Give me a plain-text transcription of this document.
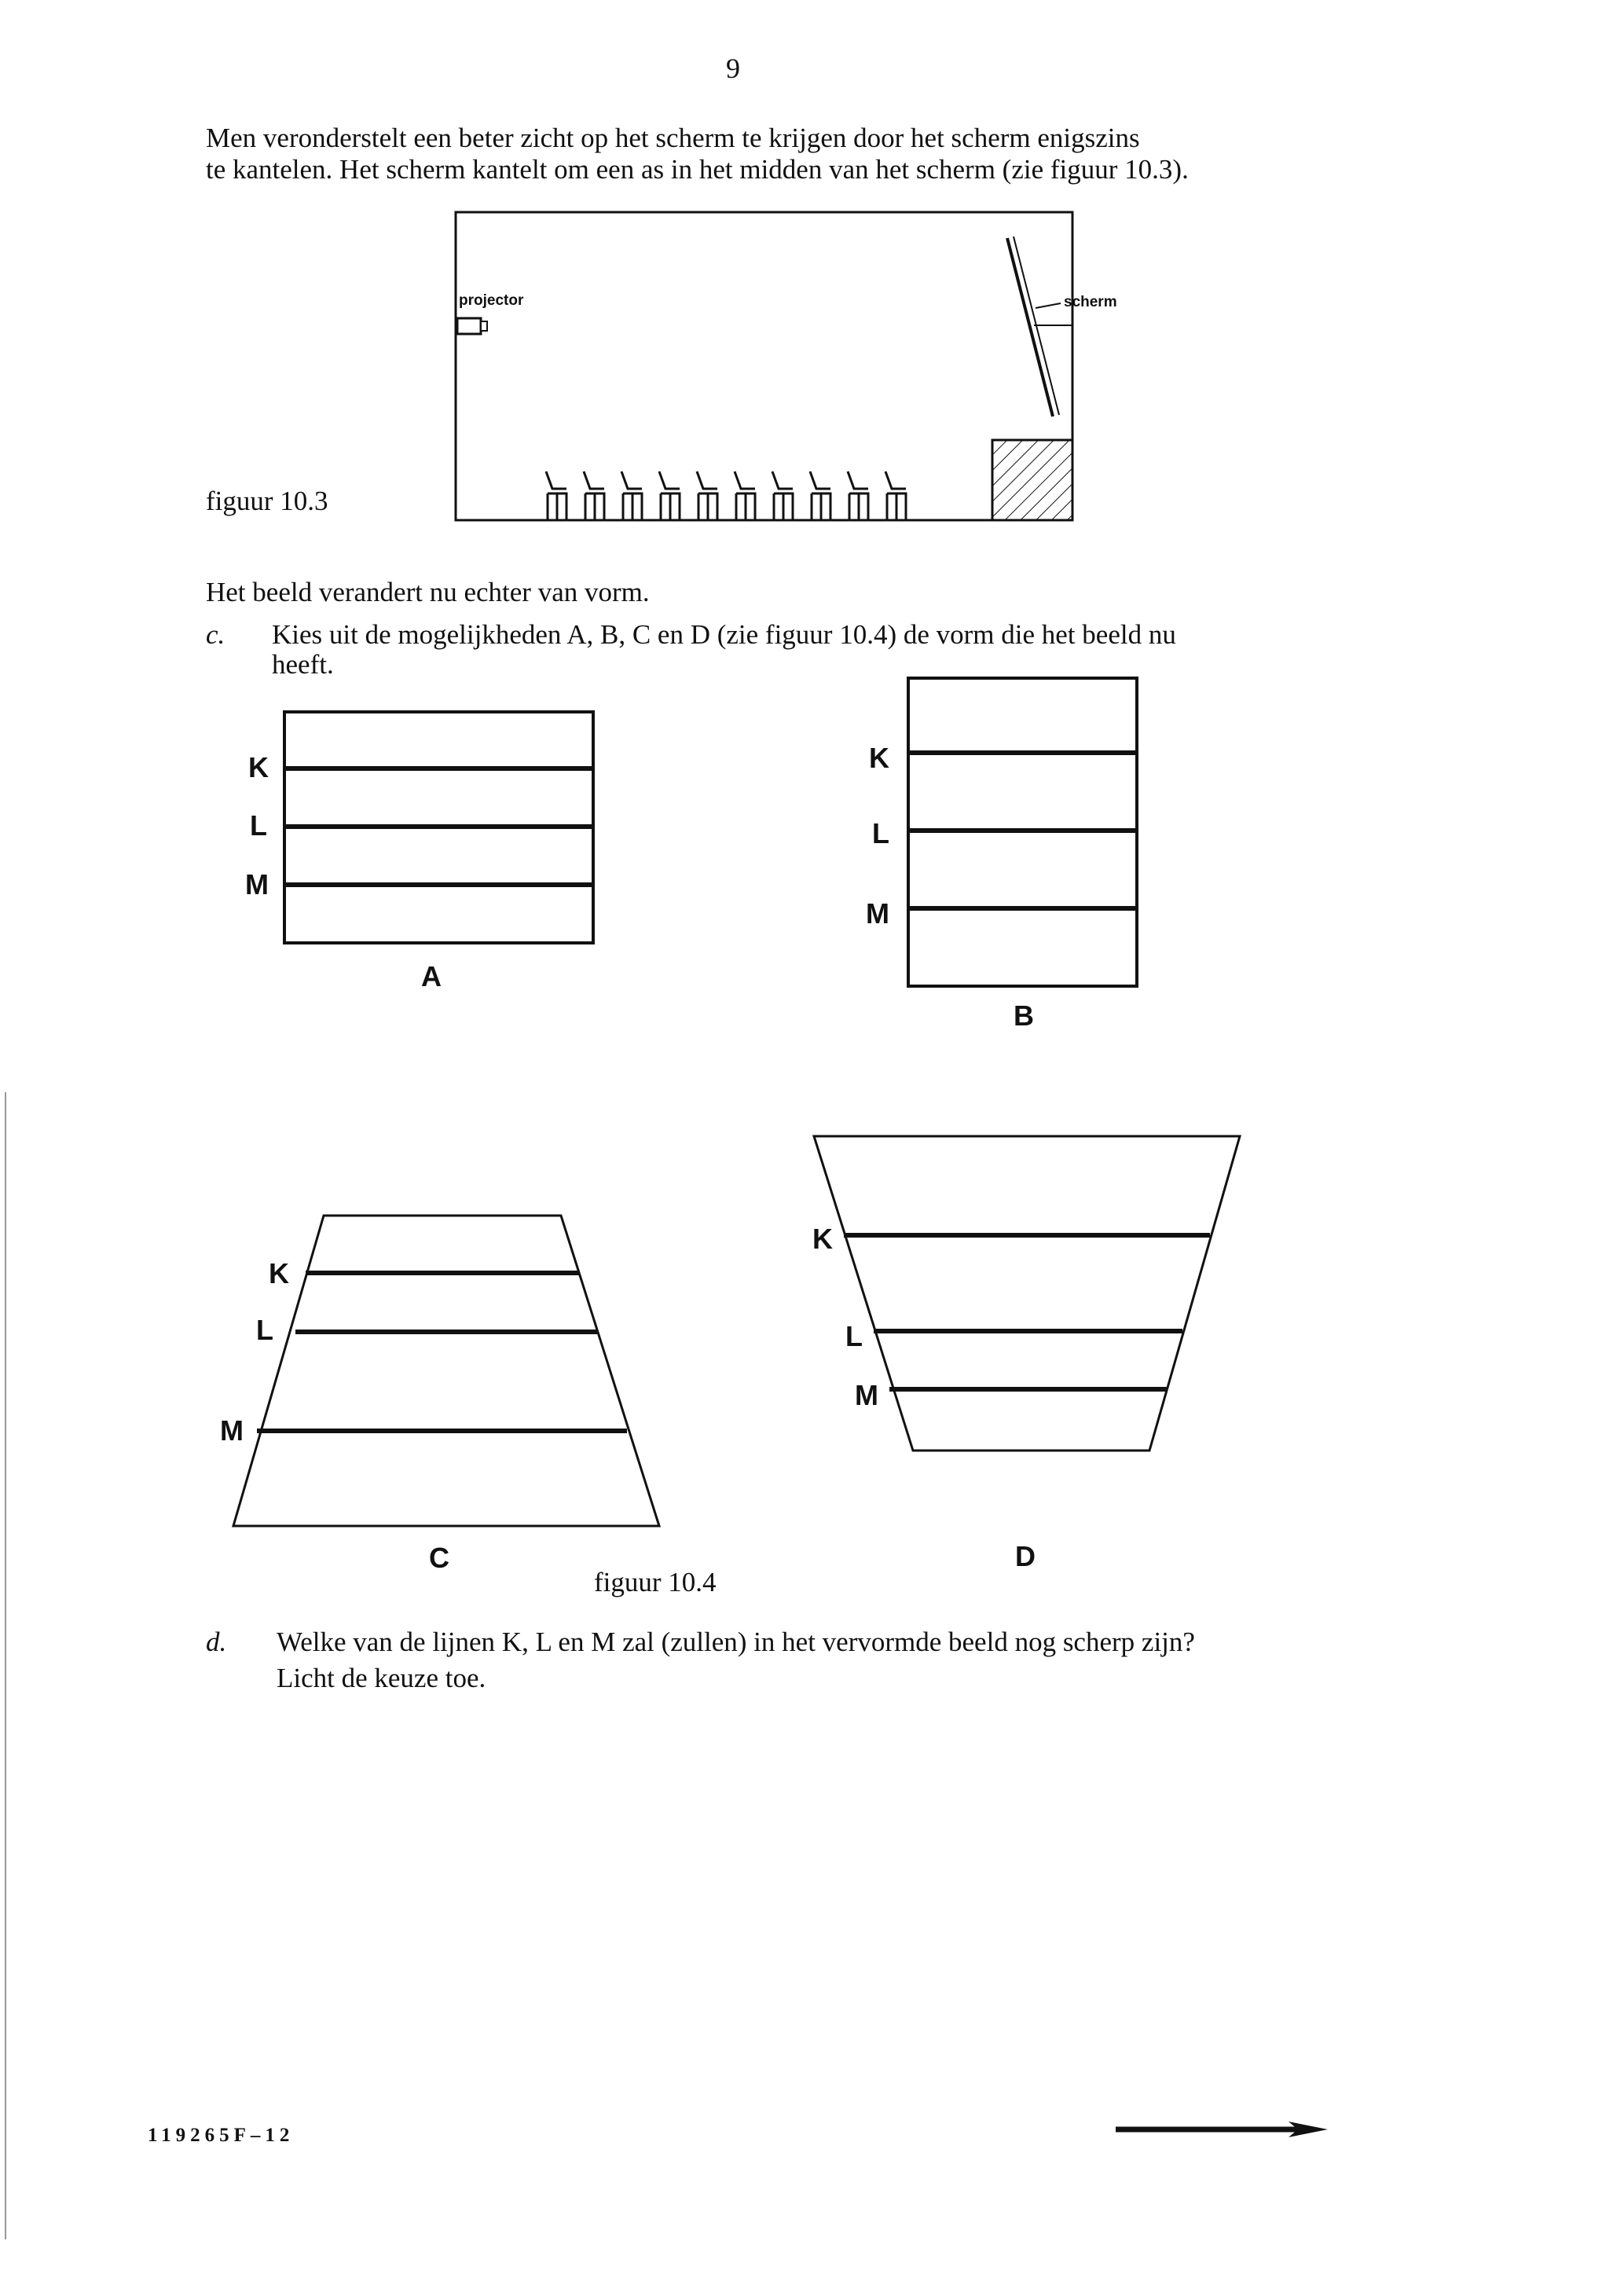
9
Men veronderstelt een beter zicht op het scherm te krijgen door het scherm enigszins
te kantelen. Het scherm kantelt om een as in het midden van het scherm (zie figuur 10.3).
figuur 10.3
projector	scherm
Het beeld verandert nu echter van vorm.
c. Kies uit de mogelijkheden A, B, C en D (zie figuur 10.4) de vorm die het beeld nu
heeft.
K
L
M
A
K
L
M
B
K
L
M
C
K
L
M
D
figuur 10.4
d. Welke van de lijnen K, L en M zal (zullen) in het vervormde beeld nog scherp zijn?
Licht de keuze toe.
119265F–12
